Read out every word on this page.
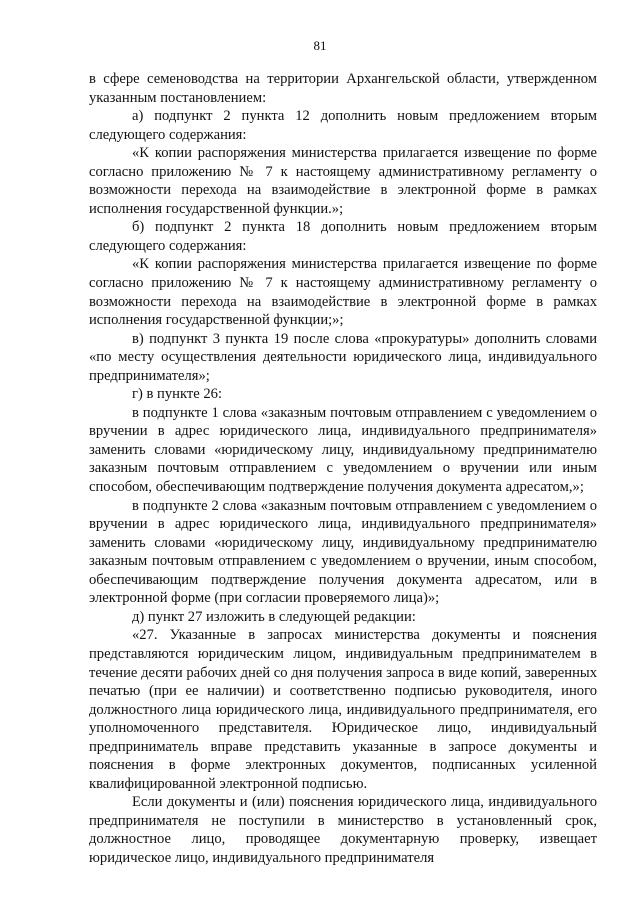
81

в сфере семеноводства на территории Архангельской области, утвержденном указанным постановлением:

а) подпункт 2 пункта 12 дополнить новым предложением вторым следующего содержания:

«К копии распоряжения министерства прилагается извещение по форме согласно приложению № 7 к настоящему административному регламенту о возможности перехода на взаимодействие в электронной форме в рамках исполнения государственной функции.»;

б) подпункт 2 пункта 18 дополнить новым предложением вторым следующего содержания:

«К копии распоряжения министерства прилагается извещение по форме согласно приложению № 7 к настоящему административному регламенту о возможности перехода на взаимодействие в электронной форме в рамках исполнения государственной функции;»;

в) подпункт 3 пункта 19 после слова «прокуратуры» дополнить словами «по месту осуществления деятельности юридического лица, индивидуального предпринимателя»;

г) в пункте 26:

в подпункте 1 слова «заказным почтовым отправлением с уведомлением о вручении в адрес юридического лица, индивидуального предпринимателя» заменить словами «юридическому лицу, индивидуальному предпринимателю заказным почтовым отправлением с уведомлением о вручении или иным способом, обеспечивающим подтверждение получения документа адресатом,»;

в подпункте 2 слова «заказным почтовым отправлением с уведомлением о вручении в адрес юридического лица, индивидуального предпринимателя» заменить словами «юридическому лицу, индивидуальному предпринимателю заказным почтовым отправлением с уведомлением о вручении, иным способом, обеспечивающим подтверждение получения документа адресатом, или в электронной форме (при согласии проверяемого лица)»;

д) пункт 27 изложить в следующей редакции:

«27. Указанные в запросах министерства документы и пояснения представляются юридическим лицом, индивидуальным предпринимателем в течение десяти рабочих дней со дня получения запроса в виде копий, заверенных печатью (при ее наличии) и соответственно подписью руководителя, иного должностного лица юридического лица, индивидуального предпринимателя, его уполномоченного представителя. Юридическое лицо, индивидуальный предприниматель вправе представить указанные в запросе документы и пояснения в форме электронных документов, подписанных усиленной квалифицированной электронной подписью.

Если документы и (или) пояснения юридического лица, индивидуального предпринимателя не поступили в министерство в установленный срок, должностное лицо, проводящее документарную проверку, извещает юридическое лицо, индивидуального предпринимателя
